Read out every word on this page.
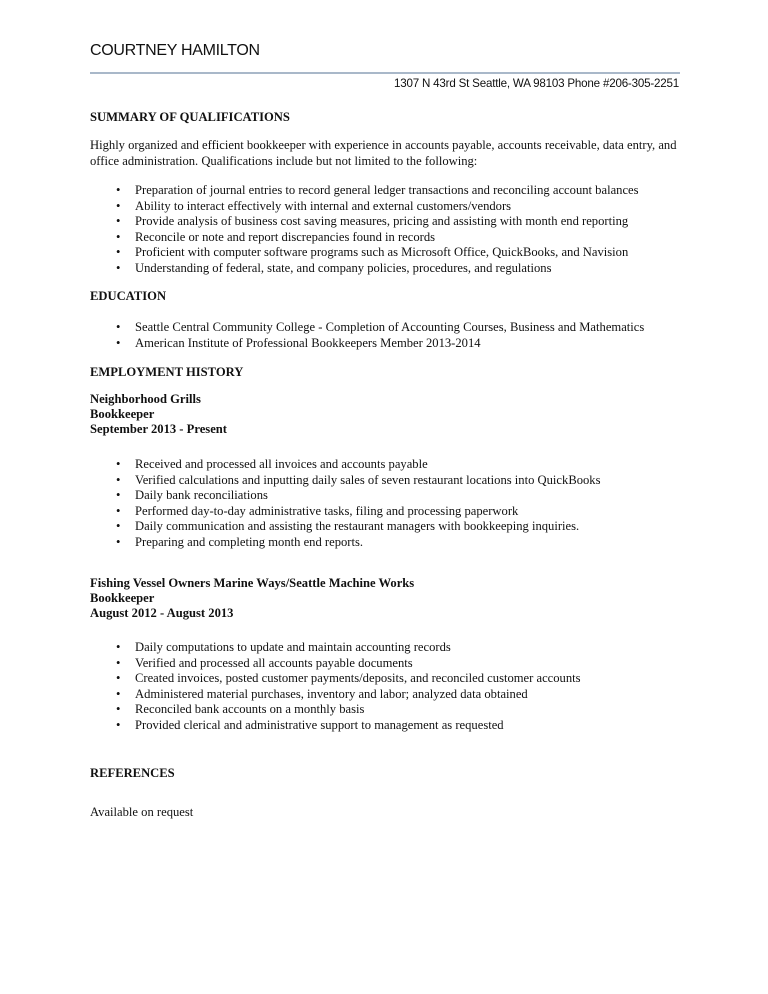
COURTNEY HAMILTON
1307 N 43rd St Seattle, WA 98103 Phone #206-305-2251
SUMMARY OF QUALIFICATIONS
Highly organized and efficient bookkeeper with experience in accounts payable, accounts receivable, data entry, and
office administration. Qualifications include but not limited to the following:
• Preparation of journal entries to record general ledger transactions and reconciling account balances
• Ability to interact effectively with internal and external customers/vendors
• Provide analysis of business cost saving measures, pricing and assisting with month end reporting
• Reconcile or note and report discrepancies found in records
• Proficient with computer software programs such as Microsoft Office, QuickBooks, and Navision
• Understanding of federal, state, and company policies, procedures, and regulations
EDUCATION
• Seattle Central Community College - Completion of Accounting Courses, Business and Mathematics
• American Institute of Professional Bookkeepers Member 2013-2014
EMPLOYMENT HISTORY
Neighborhood Grills
Bookkeeper
September 2013 - Present
• Received and processed all invoices and accounts payable
• Verified calculations and inputting daily sales of seven restaurant locations into QuickBooks
• Daily bank reconciliations
• Performed day-to-day administrative tasks, filing and processing paperwork
• Daily communication and assisting the restaurant managers with bookkeeping inquiries.
• Preparing and completing month end reports.
Fishing Vessel Owners Marine Ways/Seattle Machine Works
Bookkeeper
August 2012 - August 2013
• Daily computations to update and maintain accounting records
• Verified and processed all accounts payable documents
• Created invoices, posted customer payments/deposits, and reconciled customer accounts
• Administered material purchases, inventory and labor; analyzed data obtained
• Reconciled bank accounts on a monthly basis
• Provided clerical and administrative support to management as requested
REFERENCES
Available on request
